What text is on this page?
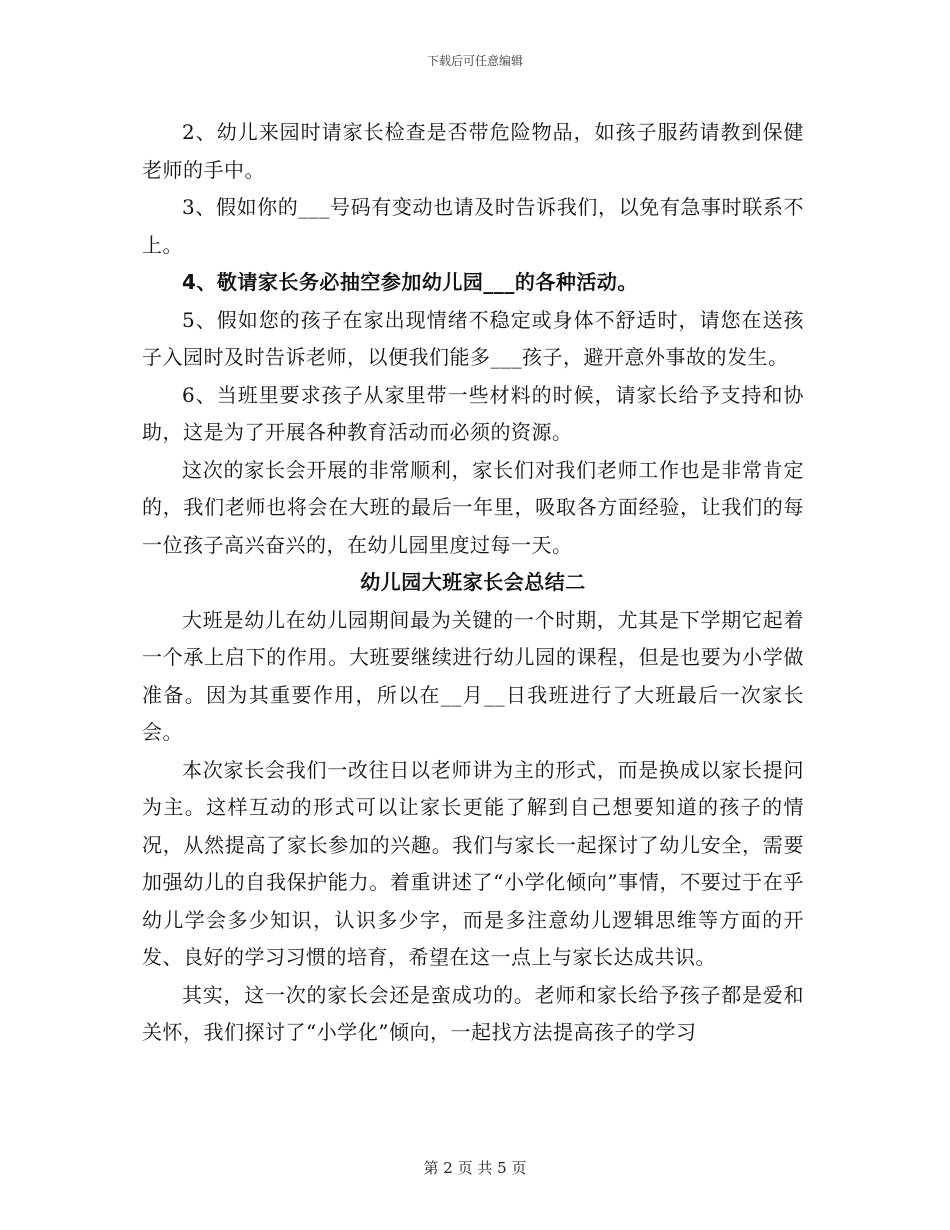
下载后可任意编辑

2、幼儿来园时请家长检查是否带危险物品，如孩子服药请教到保健老师的手中。

3、假如你的___号码有变动也请及时告诉我们，以免有急事时联系不上。

4、敬请家长务必抽空参加幼儿园___的各种活动。

5、假如您的孩子在家出现情绪不稳定或身体不舒适时，请您在送孩子入园时及时告诉老师，以便我们能多___孩子，避开意外事故的发生。

6、当班里要求孩子从家里带一些材料的时候，请家长给予支持和协助，这是为了开展各种教育活动而必须的资源。

这次的家长会开展的非常顺利，家长们对我们老师工作也是非常肯定的，我们老师也将会在大班的最后一年里，吸取各方面经验，让我们的每一位孩子高兴奋兴的，在幼儿园里度过每一天。

幼儿园大班家长会总结二

大班是幼儿在幼儿园期间最为关键的一个时期，尤其是下学期它起着一个承上启下的作用。大班要继续进行幼儿园的课程，但是也要为小学做准备。因为其重要作用，所以在__月__日我班进行了大班最后一次家长会。

本次家长会我们一改往日以老师讲为主的形式，而是换成以家长提问为主。这样互动的形式可以让家长更能了解到自己想要知道的孩子的情况，从然提高了家长参加的兴趣。我们与家长一起探讨了幼儿安全，需要加强幼儿的自我保护能力。着重讲述了“小学化倾向”事情，不要过于在乎幼儿学会多少知识，认识多少字，而是多注意幼儿逻辑思维等方面的开发、良好的学习习惯的培育，希望在这一点上与家长达成共识。

其实，这一次的家长会还是蛮成功的。老师和家长给予孩子都是爱和关怀，我们探讨了“小学化”倾向，一起找方法提高孩子的学习

第 2 页 共 5 页
